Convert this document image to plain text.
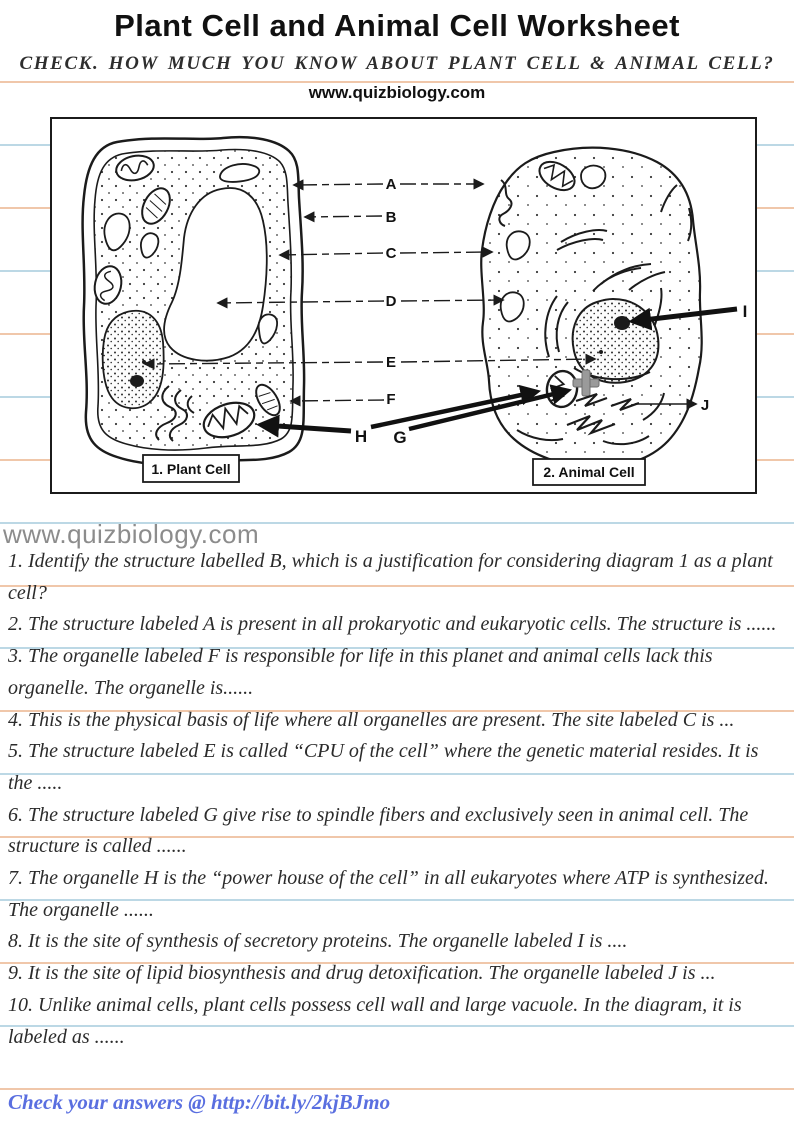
Plant Cell and Animal Cell Worksheet
CHECK. HOW MUCH YOU KNOW ABOUT PLANT CELL & ANIMAL CELL?
www.quizbiology.com
A
B
C
D
E
F
G
H
I
J
1. Plant Cell	2. Animal Cell
www.quizbiology.com

1. Identify the structure labelled B, which is a justification for considering diagram 1 as a plant cell?

2. The structure labeled A is present in all prokaryotic and eukaryotic cells. The structure is ......

3. The organelle labeled F is responsible for life in this planet and animal cells lack this organelle. The organelle is......

4. This is the physical basis of life where all organelles are present. The site labeled C is ...

5. The structure labeled E is called “CPU of the cell” where the genetic material resides. It is the .....

6. The structure labeled G give rise to spindle fibers and exclusively seen in animal cell. The structure is called ......

7. The organelle H is the “power house of the cell” in all eukaryotes where ATP is synthesized. The organelle ......

8. It is the site of synthesis of secretory proteins. The organelle labeled I is ....

9. It is the site of lipid biosynthesis and drug detoxification. The organelle labeled J is ...

10. Unlike animal cells, plant cells possess cell wall and large vacuole. In the diagram, it is labeled as ......

Check your answers @ http://bit.ly/2kjBJmo
